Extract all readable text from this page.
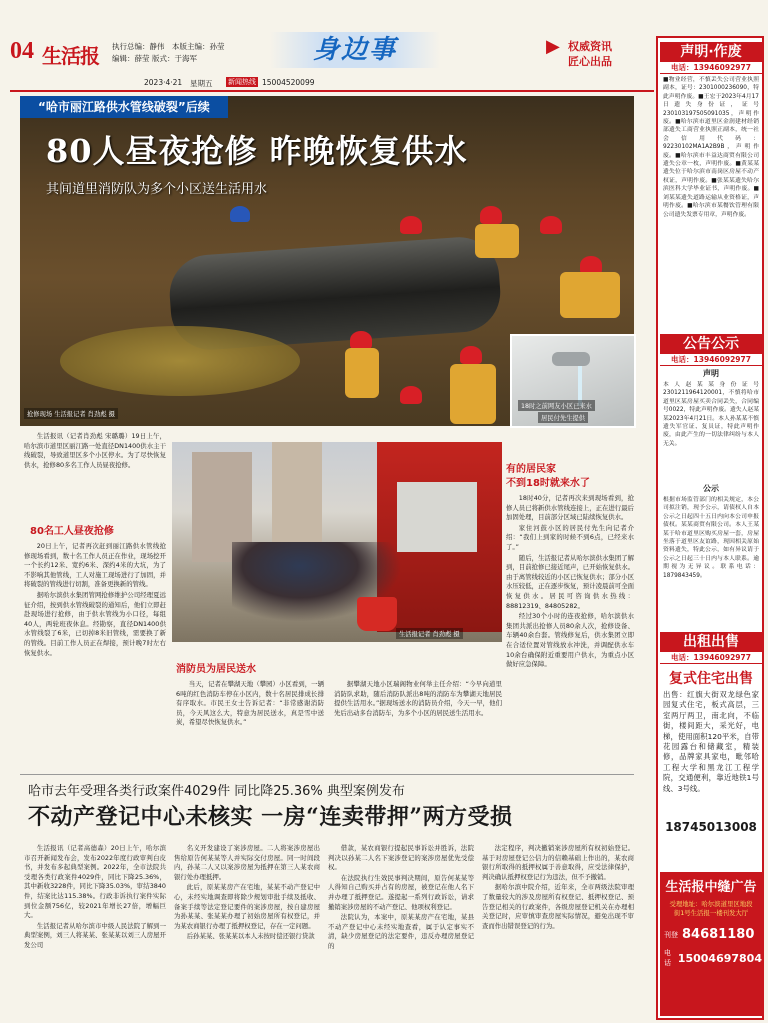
04 生活报 执行总编：静伟 本版主编：孙莹
编辑：薛莹 版式：于海军	身边事	▶ 权威资讯
匠心出品
2023·4·21 星期五 新闻热线 15004520099
“哈市丽江路供水管线破裂”后续
80人昼夜抢修 昨晚恢复供水
其间道里消防队为多个小区送生活用水
抢修现场 生活报记者 肖劲彪 摄
18时之前网友小区已来水
居民付先生提供

生活报讯（记者肖劲彪 宋璐璐）19日上午，哈尔滨市道里区丽江路一处直径DN1400供水主干线破裂，导致道里区多个小区停水。为了尽快恢复供水，抢修80多名工作人员昼夜抢修。

80名工人昼夜抢修

20日上午，记者再次赶到丽江路供水管线抢修现场看到，数十名工作人员正在作业，现场挖开一个长约12米、宽约6米、深约4米的大坑，为了不影响其他管线，工人对施工现场进行了加固，并将破裂的管线进行切割，准备更换新的管线。

据哈尔滨供水集团管网抢修维护公司经理夏远征介绍，按到供水管线破裂的通知后，他们立即赶赴现场进行抢修，由于供水管线为小口径，每组40人，两轮班夜休息。经勘察，直径DN1400供水管线裂了6米，已切掉8米旧管线，需要换了新的管线。目前工作人员正在焊接，预计晚7时左右恢复供水。

生活报记者 肖劲彪 摄
消防员为居民送水

当天，记者在攀湖天地（攀园）小区看到，一辆6吨的红色消防车停在小区内，数十名居民排成长排有序取水。市民王女士告诉记者：“非常感谢消防员，今天风这么大，特意为居民送水，真是雪中送炭，希望尽快恢复供水。”

据攀湖天地小区瑞阁物业何举主任介绍：“今早向道里消防队求助，随后消防队派出8吨的消防车为攀湖天地居民提供生活用水。”据现场送水的消防员介绍，今天一早，他们先后出动多台消防车，为多个小区的居民送生活用水。

有的居民家
不到18时就来水了

18时40分，记者再次来到现场看到，抢修人员已将新供水管线连接上，正在进行最后加固处理，目前部分区域已陆续恢复供水。

家住河鼓小区的居民付先生向记者介绍：“我们上到家的时候不到6点，已经来水了。”

随后，生活报记者从哈尔滨供水集团了解到，目前抢修已接近尾声，已开始恢复供水。由于离管线较近的小区已恢复供水；部分小区水压较低，正在逐步恢复，预计凌晨前可全面恢复供水。居民可咨询供水热线：88812319、84805282。

经过30个小时的连夜抢修，哈尔滨供水集团共派出抢修人员80余人次，抢修设备、车辆40余台套。管线修复后，供水集团立即在合适位置对管线放水冲洗，并调配供水车10余台确保附近重要用户供水，为重点小区做好应急保障。

哈市去年受理各类行政案件4029件 同比降25.36% 典型案例发布
不动产登记中心未核实 一房“连卖带押”两方受损

生活报讯（记者高德森）20日上午，哈尔滨市召开新闻发布会，发布2022年度行政审判白皮书，并发布多起典型案例。2022年，全市法院共受理各类行政案件4029件，同比下降25.36%，其中新收3228件，同比下降35.03%，审结3840件，结案比达115.38%。行政非诉执行案件实际到位金额756亿，较2021年增长27倍，增幅巨大。

生活报记者从哈尔滨市中级人民法院了解到一典型案例，刘三人将某某、张某某以刘三人房屋开发公司

名义开发建设了案涉房屋。二人将案涉房屋出售给原告何某某等人并实际交付房屋。同一时间段内，孙某二人又以案涉房屋为抵押在第三人某农商银行处办理抵押。

此后，原某某房产在宅地，某某不动产登记中心，未经实地调查即将除少规划审批手续及抵收、备案手续等法定登记要件的案涉房屋，按自建房屋为孙某某、张某某办理了初始房屋所有权登记，并为某农商银行办理了抵押权登记，存在一定问题。

后孙某某、张某某以本人未按时偿还银行贷款

借款，某农商银行提起民事诉讼并胜诉，法院判决以孙某二人名下案涉登记的案涉房屋优先受偿权。

在法院执行生效民事判决期间，原告何某某等人得知自己购买并占有的房屋，被登记在他人名下并办理了抵押登记。遂提起一系列行政诉讼，请求撤销案涉房屋的不动产登记、他项权利登记。

法院认为，本案中，原某某房产在宅地，某县不动产登记中心未经实地查看，属于认定事实不清，缺少房屋登记的法定要件，违反办理房屋登记的

法定程序，判决撤销案涉房屋所有权初始登记。基于对房屋登记公信力的信赖基础上作出的，某农商银行所取得的抵押权属于善意取得，应受法律保护，判决确认抵押权登记行为违法，但不予撤销。

据哈尔滨中院介绍，近年来，全市两级法院审理了数量较大的涉及房屋所有权登记、抵押权登记、预告登记相关的行政案件，各级房屋登记机关在办理相关登记时，应审慎审查房屋实际情况，避免出现不审查而作出错误登记的行为。

声明·作废
电话：13946092977
■物业经营，不慎丢失公司营业执照副本，证号：2301000236090，特此声明作废。■王宏于2023年4月17日遗失身份证，证号230103197505091035，声明作废。■哈尔滨市道里区金润建材经销部遗失工商营业执照正副本，统一社会信用代码：92230102MA1A2B9B，声明作废。■哈尔滨市丰益达商贸有限公司遗失公章一枚，声明作废。■黄某某遗失位于哈尔滨市南岗区房屋不动产权证，声明作废。■张某某遗失哈尔滨医科大学毕业证书，声明作废。■刘某某遗失道路运输从业资格证，声明作废。■哈尔滨市某餐饮管理有限公司遗失发票专用章，声明作废。
公告公示
电话：13946092977
声明
本人赵某某身份证号2301211964120001，不慎将哈市道里区某房屋买卖合同丢失，合同编号0022，特此声明作废。遗失人赵某某2023年4月21日。本人孙某某不慎遗失军官证、复员证，特此声明作废，由此产生的一切法律纠纷与本人无关。
公示
根据市场监管部门的相关规定，本公司拟注销，现予公示，请债权人自本公示之日起四十五日内向本公司申报债权。某某商贸有限公司。本人王某某于哈市道里区购买房屋一套，房屋坐落于道里区友谊路，现因相关原始资料遗失，特此公示，如有异议请于公示之日起三十日内与本人联系。逾期视为无异议。联系电话：1879843459。
出租出售
电话：13946092977
复式住宅出售
出售：红旗大街双龙绿色家园复式住宅，板式高层，三室两厅两卫，南北向，不临街，楼间距大，采光好，电梯，使用面积120平米，自带花园露台和储藏室，精装修，品牌家具家电，毗邻哈工程大学和黑龙江工程学院，交通便利，靠近地铁1号线、3号线。
18745013008
生活报中缝广告
受理地址：哈尔滨道里区地段
街1号生活报一楼刊发大厅
刊登 84681180
电话 15004697804
